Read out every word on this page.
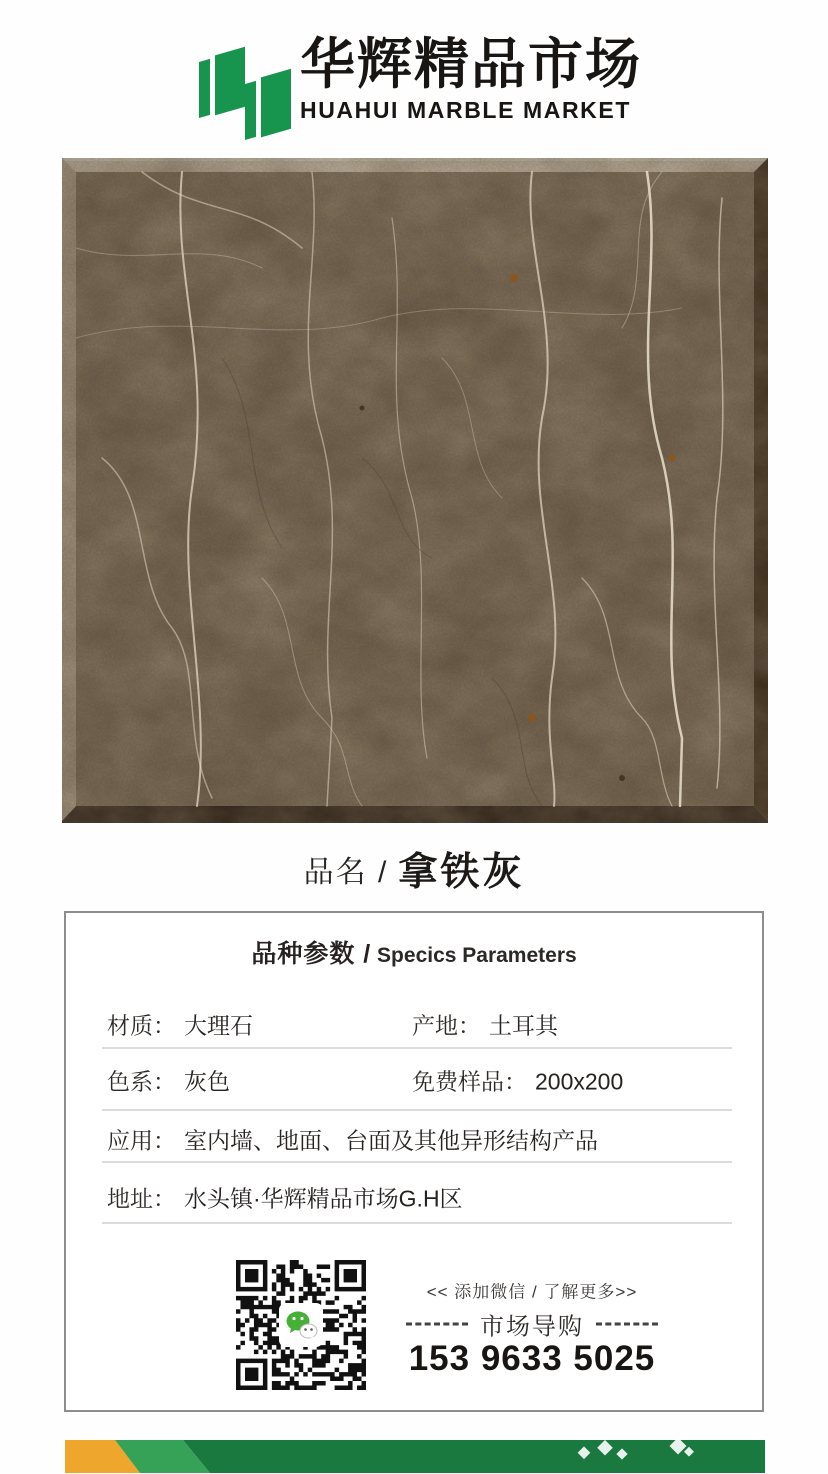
华辉精品市场
HUAHUI MARBLE MARKET
品名 / 拿铁灰
品种参数 / Specics Parameters
材质： 大理石	产地： 土耳其
色系： 灰色	免费样品： 200x200
应用： 室内墙、地面、台面及其他异形结构产品
地址： 水头镇·华辉精品市场G.H区
<< 添加微信 / 了解更多>>
市场导购
153 9633 5025
